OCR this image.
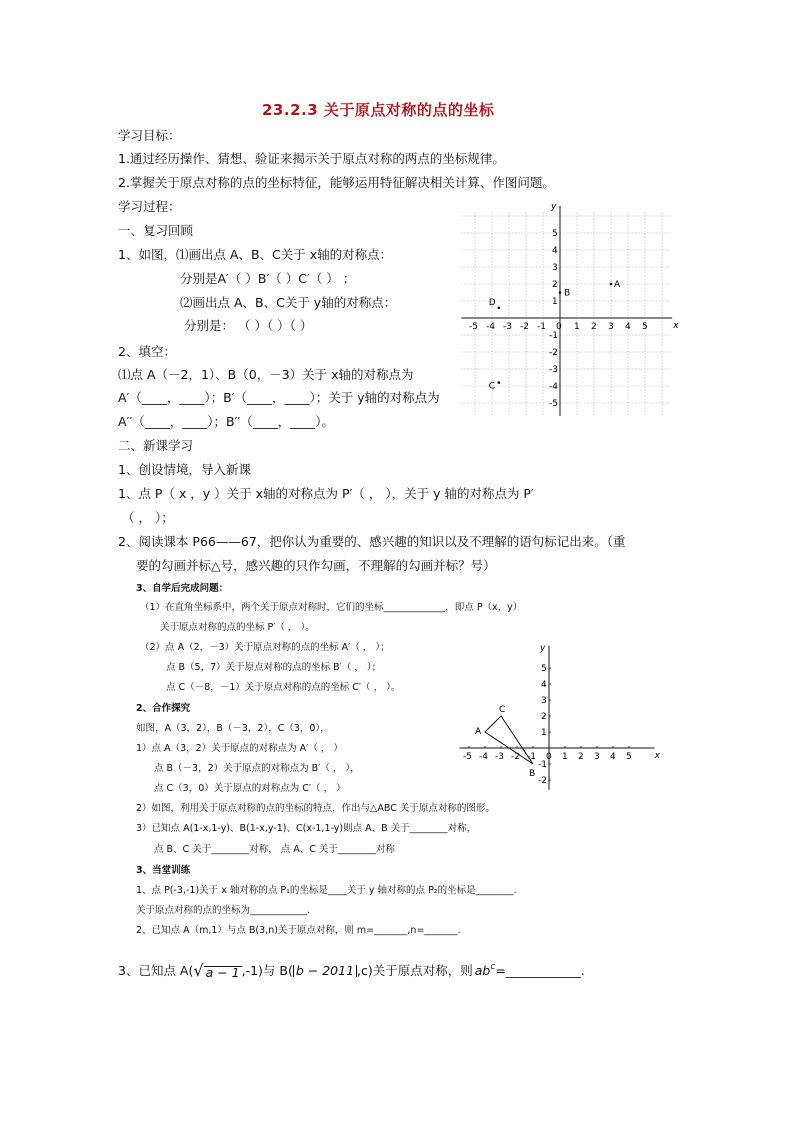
23.2.3 关于原点对称的点的坐标
学习目标：
1.通过经历操作、猜想、验证来揭示关于原点对称的两点的坐标规律。
2.掌握关于原点对称的点的坐标特征，能够运用特征解决相关计算、作图问题。
学习过程：
一、复习回顾
1、如图，⑴画出点 A、B、C关于 x轴的对称点：
分别是A′（ ）B′（ ）C′（ ） ；
⑵画出点 A、B、C关于 y轴的对称点：
分别是： （ ）（ ）（ ）
2、填空：
⑴点 A（－2，1）、B（0，－3）关于 x轴的对称点为
A′（____，____）；B′（____，____）；关于 y轴的对称点为
A′′（____，____）；B′′（____，____）。
二、新课学习
1、创设情境，导入新课
1、点 P（ x ，y ）关于 x轴的对称点为 P′（ ， ），关于 y 轴的对称点为 P′
（ ， ）；
2、阅读课本 P66——67，把你认为重要的、感兴趣的知识以及不理解的语句标记出来。（重
要的勾画并标△号，感兴趣的只作勾画，不理解的勾画并标？号）
3、自学后完成问题：
（1）在直角坐标系中，两个关于原点对称时，它们的坐标_____________，即点 P（x，y）
关于原点对称的点的坐标 P′（ ， ）。
（2）点 A（2，－3）关于原点对称的点的坐标 A′（ ， ）；
点 B（5，7）关于原点对称的点的坐标 B′（ ， ）；
点 C（－8，－1）关于原点对称的点的坐标 C′（ ， ）。
2、合作探究
如图，A（3，2），B（－3，2），C（3，0），
1）点 A（3，2）关于原点的对称点为 A′（ ， ）
点 B（－3，2）关于原点的对称点为 B′（ ， ），
点 C（3，0）关于原点的对称点为 C′（ ， ）
2）如图，利用关于原点对称的点的坐标的特点，作出与△ABC 关于原点对称的图形。
3）已知点 A(1-x,1-y)、B(1-x,y-1)、C(x-1,1-y)则点 A、B 关于________对称，
点 B、C 关于________对称， 点 A、C 关于________对称
3、当堂训练
1、点 P(-3,-1)关于 x 轴对称的点 P₁的坐标是____关于 y 轴对称的点 P₂的坐标是________.
关于原点对称的点的坐标为____________.
2、已知点 A（m,1）与点 B(3,n)关于原点对称，则 m=_______,n=_______.
3、已知点 A( √ a − 1 ,-1)与 B( b − 2011 ,c)关于原点对称，则 $ab^c$ =____________.
x
y
-5 -4 -3 -2 -1 0 1 2 3 4 5
5
4
3
2
1
-1
-2
-3
-4
-5
A
B
D
C
x
y
-5 -4 -3 -2 -1 0 1 2 3 4 5
5
4
3
2
1
-1
-2
A
C
B
